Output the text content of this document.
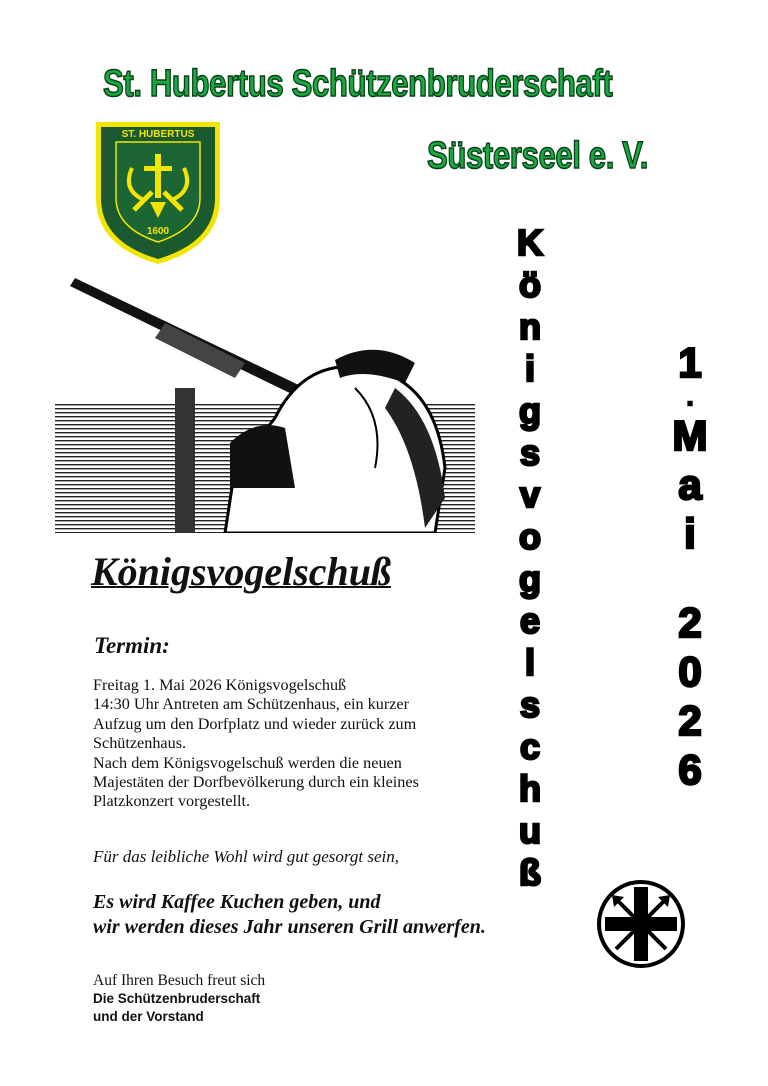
St. Hubertus Schützenbruderschaft
Süsterseel e. V.
ST. HUBERTUS
1600	K
ö
n
i
g
s
v
o
g
e
l
s
c
h
u
ß
1
.
M
a
i
2
0
2
6
Königsvogelschuß
Termin:
Freitag 1. Mai 2026 Königsvogelschuß
14:30 Uhr Antreten am Schützenhaus, ein kurzer
Aufzug um den Dorfplatz und wieder zurück zum
Schützenhaus.
Nach dem Königsvogelschuß werden die neuen
Majestäten der Dorfbevölkerung durch ein kleines
Platzkonzert vorgestellt.
Für das leibliche Wohl wird gut gesorgt sein,
Es wird Kaffee Kuchen geben, und
wir werden dieses Jahr unseren Grill anwerfen.
Auf Ihren Besuch freut sich
Die Schützenbruderschaft
und der Vorstand
